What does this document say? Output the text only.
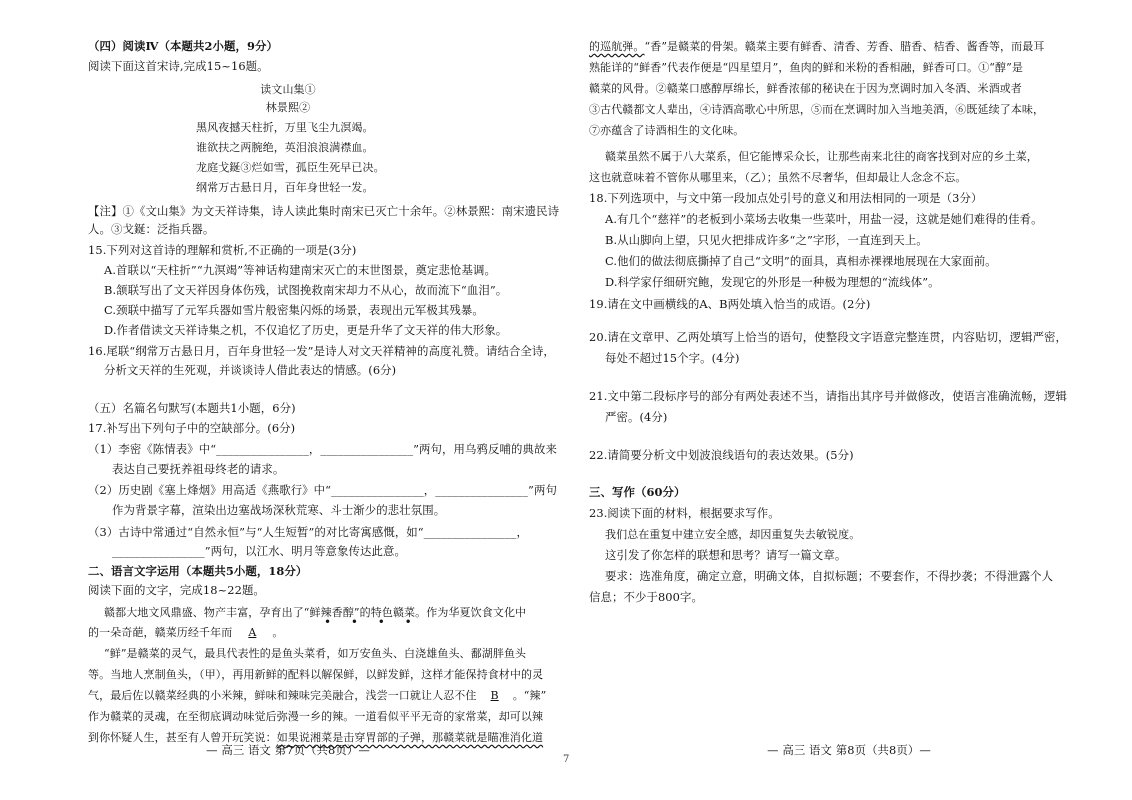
（四）阅读Ⅳ（本题共2小题，9分）
阅读下面这首宋诗,完成15~16题。
读文山集①
林景熙②
黑风夜撼天柱折，万里飞尘九溟竭。
谁欲扶之两腕绝，英泪浪浪满襟血。
龙庭戈鋋③烂如雪，孤臣生死早已决。
纲常万古悬日月，百年身世轻一发。
【注】①《文山集》为文天祥诗集，诗人读此集时南宋已灭亡十余年。②林景熙：南宋遗民诗
人。③戈鋋：泛指兵器。
15.下列对这首诗的理解和赏析,不正确的一项是(3分)
A.首联以“天柱折”“九溟竭”等神话构建南宋灭亡的末世图景，奠定悲怆基调。
B.颔联写出了文天祥因身体伤残，试图挽救南宋却力不从心，故而流下“血泪”。
C.颈联中描写了元军兵器如雪片般密集闪烁的场景，表现出元军极其残暴。
D.作者借读文天祥诗集之机，不仅追忆了历史，更是升华了文天祥的伟大形象。
16.尾联“纲常万古悬日月，百年身世轻一发”是诗人对文天祥精神的高度礼赞。请结合全诗，
分析文天祥的生死观，并谈谈诗人借此表达的情感。(6分)
（五）名篇名句默写(本题共1小题，6分)
17.补写出下列句子中的空缺部分。(6分)
（1）李密《陈情表》中“________________，________________”两句，用乌鸦反哺的典故来
表达自己要抚养祖母终老的请求。
（2）历史剧《塞上烽烟》用高适《燕歌行》中“________________，________________”两句
作为背景字幕，渲染出边塞战场深秋荒寒、斗士渐少的悲壮氛围。
（3）古诗中常通过“自然永恒”与“人生短暂”的对比寄寓感慨，如“________________，
________________”两句，以江水、明月等意象传达此意。
二、语言文字运用（本题共5小题，18分）
阅读下面的文字，完成18~22题。
赣都大地文风鼎盛、物产丰富，孕育出了“鲜辣香醇”的特色赣菜。作为华夏饮食文化中
• • • •
的一朵奇葩，赣菜历经千年而 A 。
“鲜”是赣菜的灵气，最具代表性的是鱼头菜肴，如万安鱼头、白浇雄鱼头、鄱湖胖鱼头
等。当地人烹制鱼头，（甲），再用新鲜的配料以解保鲜，以鲜发鲜，这样才能保持食材中的灵
气，最后佐以赣菜经典的小米辣，鲜味和辣味完美融合，浅尝一口就让人忍不住 B 。“辣”
作为赣菜的灵魂，在至彻底调动味觉后弥漫一乡的辣。一道看似平平无奇的家常菜，却可以辣
到你怀疑人生，甚至有人曾开玩笑说：如果说湘菜是击穿胃部的子弹，那赣菜就是瞄准消化道
— 高三 语文 第7页（共8页）—
7
的巡航弹。“香”是赣菜的骨架。赣菜主要有鲜香、清香、芳香、腊香、桔香、酱香等，而最耳
熟能详的“鲜香”代表作便是“四星望月”，鱼肉的鲜和米粉的香相融，鲜香可口。①“醇”是
赣菜的风骨。②赣菜口感醇厚绵长，鲜香浓郁的秘诀在于因为烹调时加入冬酒、米酒或者
③古代赣都文人辈出，④诗酒高歌心中所思，⑤而在烹调时加入当地美酒，⑥既延续了本味，
⑦亦蕴含了诗酒相生的文化味。
赣菜虽然不属于八大菜系，但它能博采众长，让那些南来北往的商客找到对应的乡土菜，
这也就意味着不管你从哪里来，（乙）；虽然不尽奢华，但却最让人念念不忘。
18.下列选项中，与文中第一段加点处引号的意义和用法相同的一项是（3分）
A.有几个“慈祥”的老板到小菜场去收集一些菜叶，用盐一浸，这就是她们难得的佳肴。
B.从山脚向上望，只见火把排成许多“之”字形，一直连到天上。
C.他们的做法彻底撕掉了自己“文明”的面具，真相赤裸裸地展现在大家面前。
D.科学家仔细研究鲍，发现它的外形是一种极为理想的“流线体”。
19.请在文中画横线的A、B两处填入恰当的成语。(2分)
20.请在文章甲、乙两处填写上恰当的语句，使整段文字语意完整连贯，内容贴切，逻辑严密，
每处不超过15个字。(4分)
21.文中第二段标序号的部分有两处表述不当，请指出其序号并做修改，使语言准确流畅，逻辑
严密。(4分)
22.请简要分析文中划波浪线语句的表达效果。(5分)
三、写作（60分）
23.阅读下面的材料，根据要求写作。
我们总在重复中建立安全感，却因重复失去敏锐度。
这引发了你怎样的联想和思考？请写一篇文章。
要求：选准角度，确定立意，明确文体，自拟标题；不要套作，不得抄袭；不得泄露个人
信息；不少于800字。
— 高三 语文 第8页（共8页）—
